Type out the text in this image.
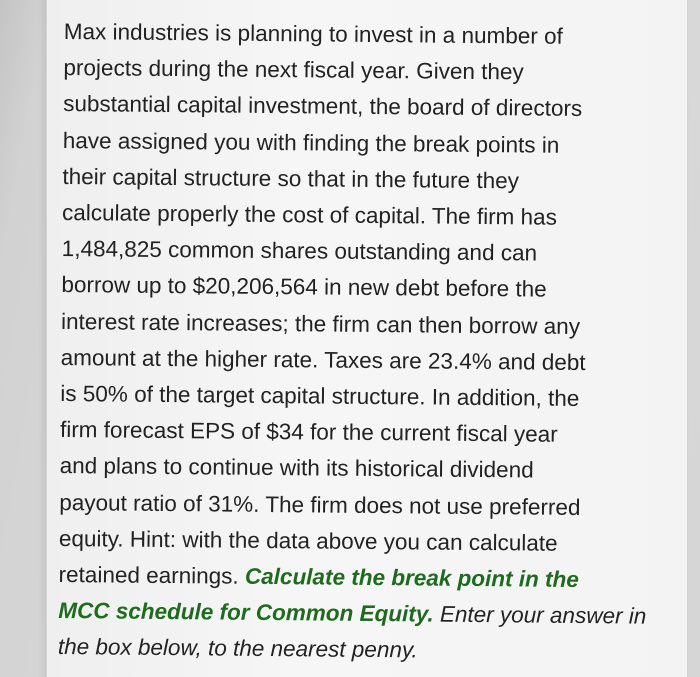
Max industries is planning to invest in a number of
projects during the next fiscal year. Given they
substantial capital investment, the board of directors
have assigned you with finding the break points in
their capital structure so that in the future they
calculate properly the cost of capital. The firm has
1,484,825 common shares outstanding and can
borrow up to $20,206,564 in new debt before the
interest rate increases; the firm can then borrow any
amount at the higher rate. Taxes are 23.4% and debt
is 50% of the target capital structure. In addition, the
firm forecast EPS of $34 for the current fiscal year
and plans to continue with its historical dividend
payout ratio of 31%. The firm does not use preferred
equity. Hint: with the data above you can calculate
retained earnings. Calculate the break point in the
MCC schedule for Common Equity. Enter your answer in
the box below, to the nearest penny.
